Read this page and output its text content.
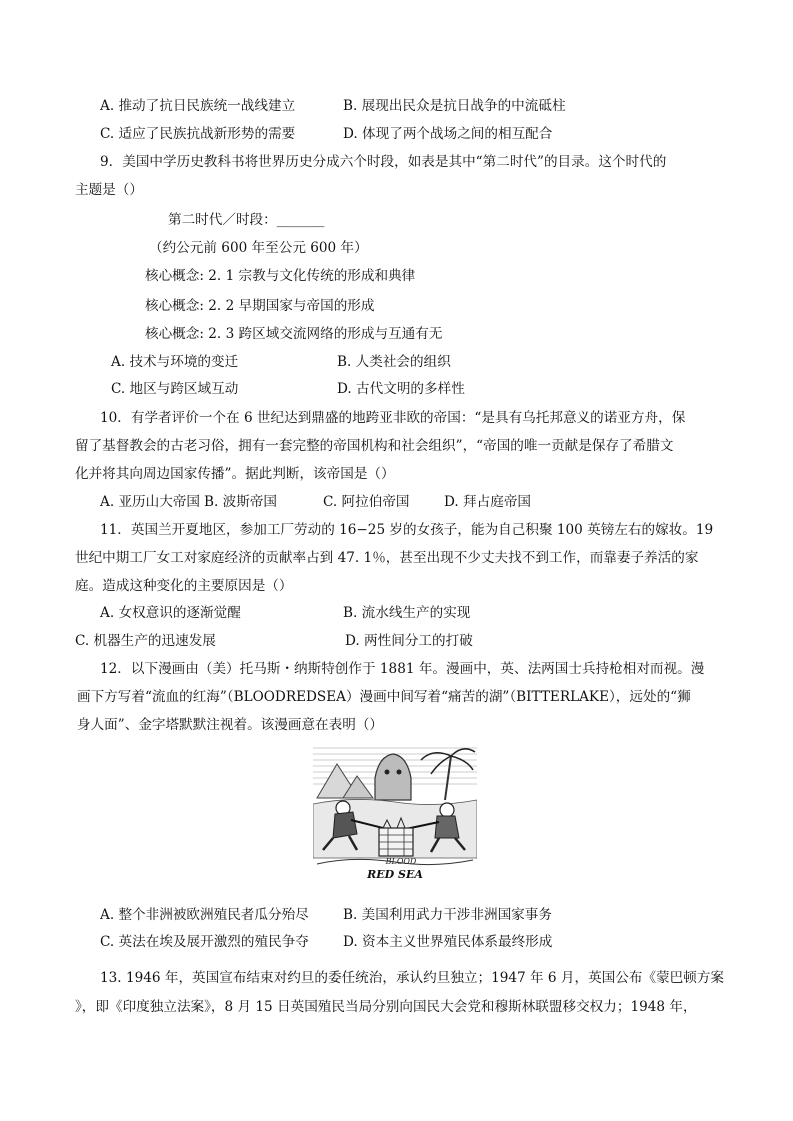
A. 推动了抗日民族统一战线建立	B. 展现出民众是抗日战争的中流砥柱
C. 适应了民族抗战新形势的需要	D. 体现了两个战场之间的相互配合
9．美国中学历史教科书将世界历史分成六个时段，如表是其中“第二时代”的目录。这个时代的
主题是（）
第二时代／时段：_______
（约公元前 600 年至公元 600 年）
核心概念: 2. 1 宗教与文化传统的形成和典律
核心概念: 2. 2 早期国家与帝国的形成
核心概念: 2. 3 跨区域交流网络的形成与互通有无
A. 技术与环境的变迁	B. 人类社会的组织
C. 地区与跨区域互动	D. 古代文明的多样性
10．有学者评价一个在 6 世纪达到鼎盛的地跨亚非欧的帝国：“是具有乌托邦意义的诺亚方舟，保
留了基督教会的古老习俗，拥有一套完整的帝国机构和社会组织”，“帝国的唯一贡献是保存了希腊文
化并将其向周边国家传播”。据此判断，该帝国是（）
A. 亚历山大帝国 B. 波斯帝国	C. 阿拉伯帝国	D. 拜占庭帝国
11．英国兰开夏地区，参加工厂劳动的 16−25 岁的女孩子，能为自己积聚 100 英镑左右的嫁妆。19
世纪中期工厂女工对家庭经济的贡献率占到 47. 1％，甚至出现不少丈夫找不到工作，而靠妻子养活的家
庭。造成这种变化的主要原因是（）
A. 女权意识的逐渐觉醒	B. 流水线生产的实现
C. 机器生产的迅速发展	D. 两性间分工的打破
12．以下漫画由（美）托马斯・纳斯特创作于 1881 年。漫画中，英、法两国士兵持枪相对而视。漫
画下方写着“流血的红海”（BLOODREDSEA）漫画中间写着“痛苦的湖”（BITTERLAKE），远处的“狮
身人面”、金字塔默默注视着。该漫画意在表明（）
BLOOD
RED SEA
A. 整个非洲被欧洲殖民者瓜分殆尽	B. 美国利用武力干涉非洲国家事务
C. 英法在埃及展开激烈的殖民争夺	D. 资本主义世界殖民体系最终形成
13. 1946 年，英国宣布结束对约旦的委任统治，承认约旦独立；1947 年 6 月，英国公布《蒙巴顿方案
》，即《印度独立法案》，8 月 15 日英国殖民当局分别向国民大会党和穆斯林联盟移交权力；1948 年，
